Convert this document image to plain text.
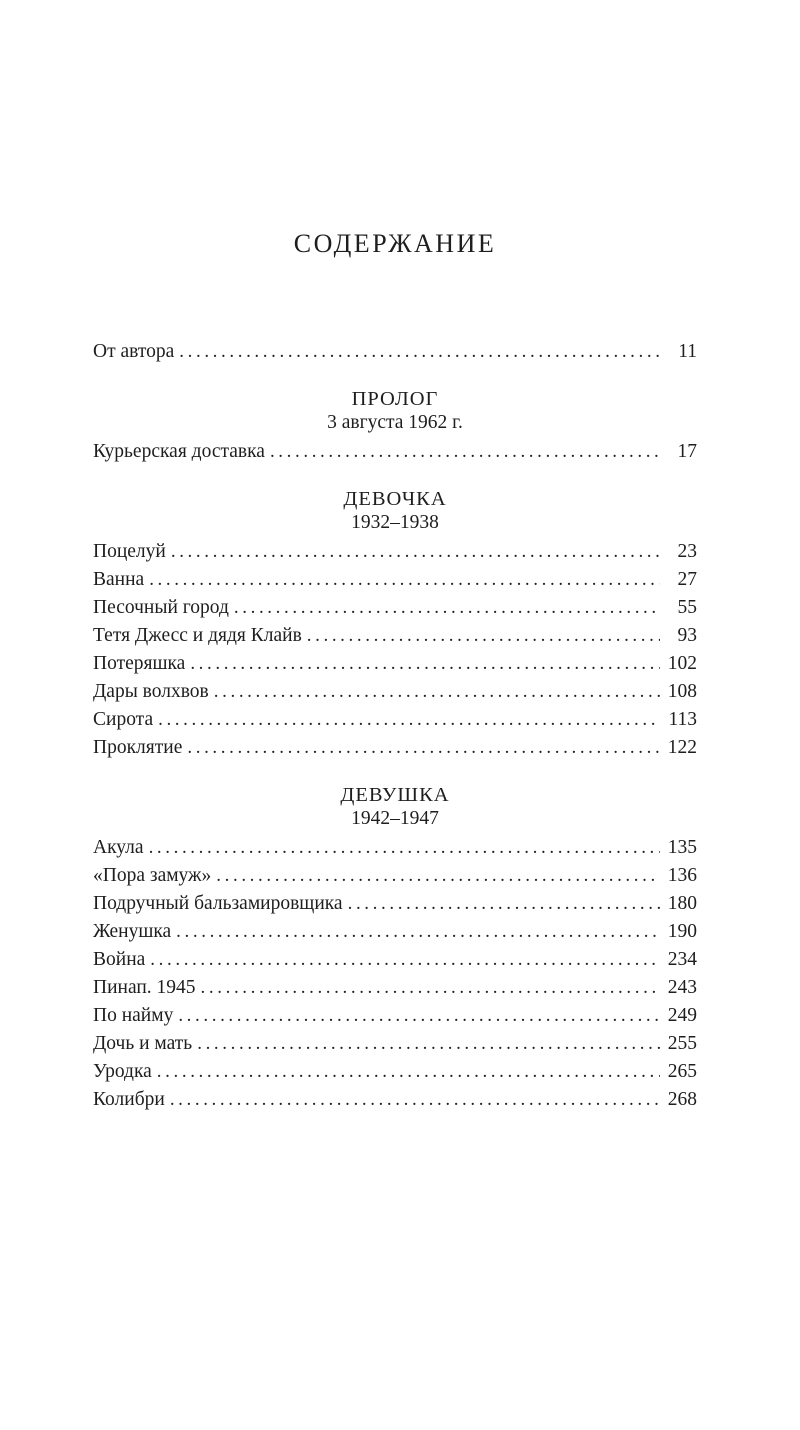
СОДЕРЖАНИЕ
От автора .....	11
ПРОЛОГ
3 августа 1962 г.
Курьерская доставка .....	17
ДЕВОЧКА
1932–1938
Поцелуй .....	23
Ванна .....	27
Песочный город .....	55
Тетя Джесс и дядя Клайв .....	93
Потеряшка .....	102
Дары волхвов .....	108
Сирота .....	113
Проклятие .....	122
ДЕВУШКА
1942–1947
Акула .....	135
«Пора замуж» .....	136
Подручный бальзамировщика .....	180
Женушка .....	190
Война .....	234
Пинап. 1945 .....	243
По найму .....	249
Дочь и мать .....	255
Уродка .....	265
Колибри .....	268
